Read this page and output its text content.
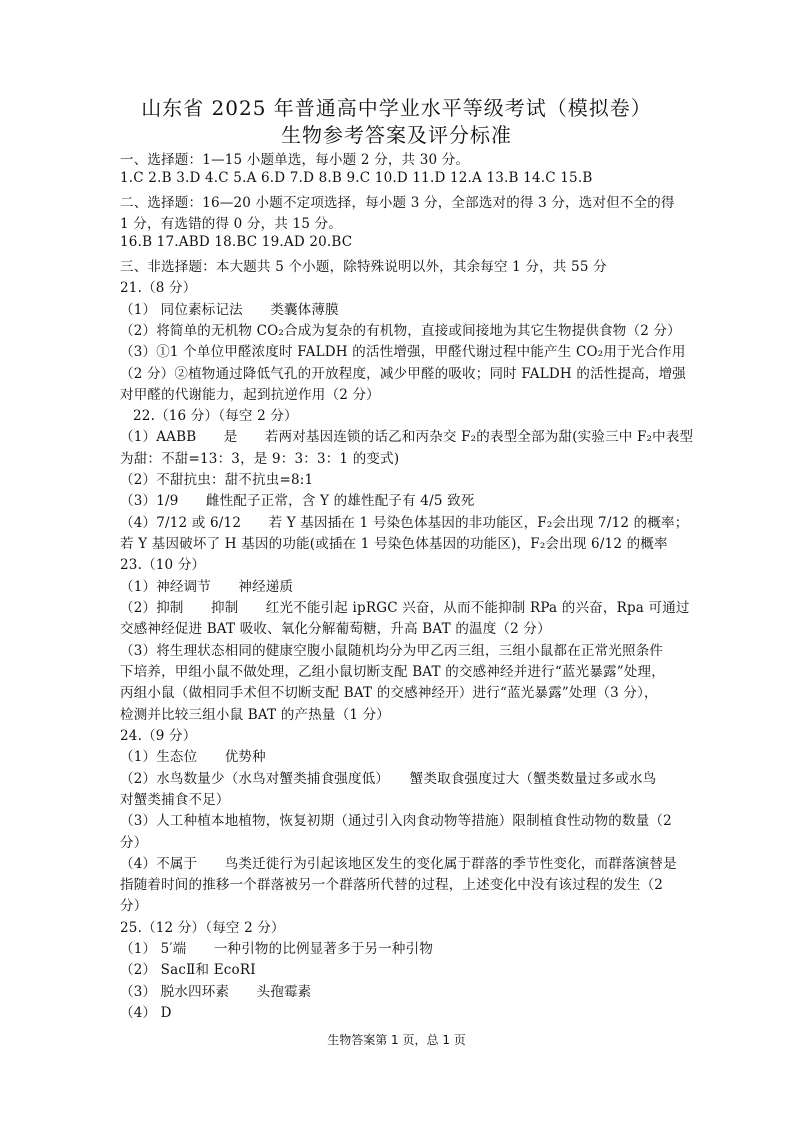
山东省 2025 年普通高中学业水平等级考试（模拟卷）
生物参考答案及评分标准
一、选择题：1—15 小题单选，每小题 2 分，共 30 分。
1.C 2.B 3.D 4.C 5.A 6.D 7.D 8.B 9.C 10.D 11.D 12.A 13.B 14.C 15.B
二、选择题：16—20 小题不定项选择，每小题 3 分，全部选对的得 3 分，选对但不全的得
1 分，有选错的得 0 分，共 15 分。
16.B 17.ABD 18.BC 19.AD 20.BC
三、非选择题：本大题共 5 个小题，除特殊说明以外，其余每空 1 分，共 55 分
21.（8 分）
（1） 同位素标记法　　类囊体薄膜
（2）将简单的无机物 CO₂合成为复杂的有机物，直接或间接地为其它生物提供食物（2 分）
（3）①1 个单位甲醛浓度时 FALDH 的活性增强，甲醛代谢过程中能产生 CO₂用于光合作用
（2 分）②植物通过降低气孔的开放程度，减少甲醛的吸收；同时 FALDH 的活性提高，增强
对甲醛的代谢能力，起到抗逆作用（2 分）
22.（16 分）（每空 2 分）
（1）AABB　　是　　若两对基因连锁的话乙和丙杂交 F₂的表型全部为甜(实验三中 F₂中表型
为甜：不甜=13：3，是 9：3：3：1 的变式)
（2）不甜抗虫：甜不抗虫=8:1
（3）1/9　　雌性配子正常，含 Y 的雄性配子有 4/5 致死
（4）7/12 或 6/12　　若 Y 基因插在 1 号染色体基因的非功能区，F₂会出现 7/12 的概率；
若 Y 基因破坏了 H 基因的功能(或插在 1 号染色体基因的功能区)，F₂会出现 6/12 的概率
23.（10 分）
（1）神经调节　　神经递质
（2）抑制　　抑制　　红光不能引起 ipRGC 兴奋，从而不能抑制 RPa 的兴奋，Rpa 可通过
交感神经促进 BAT 吸收、氧化分解葡萄糖，升高 BAT 的温度（2 分）
（3）将生理状态相同的健康空腹小鼠随机均分为甲乙丙三组，三组小鼠都在正常光照条件
下培养，甲组小鼠不做处理，乙组小鼠切断支配 BAT 的交感神经并进行“蓝光暴露”处理，
丙组小鼠（做相同手术但不切断支配 BAT 的交感神经开）进行“蓝光暴露”处理（3 分），
检测并比较三组小鼠 BAT 的产热量（1 分）
24.（9 分）
（1）生态位　　优势种
（2）水鸟数量少（水鸟对蟹类捕食强度低）　　蟹类取食强度过大（蟹类数量过多或水鸟
对蟹类捕食不足）
（3）人工种植本地植物，恢复初期（通过引入肉食动物等措施）限制植食性动物的数量（2
分）
（4）不属于　　鸟类迁徙行为引起该地区发生的变化属于群落的季节性变化，而群落演替是
指随着时间的推移一个群落被另一个群落所代替的过程，上述变化中没有该过程的发生（2
分）
25.（12 分）（每空 2 分）
（1） 5′端　　一种引物的比例显著多于另一种引物
（2） SacⅡ和 EcoRⅠ
（3） 脱水四环素　　头孢霉素
（4） D
生物答案第 1 页，总 1 页
